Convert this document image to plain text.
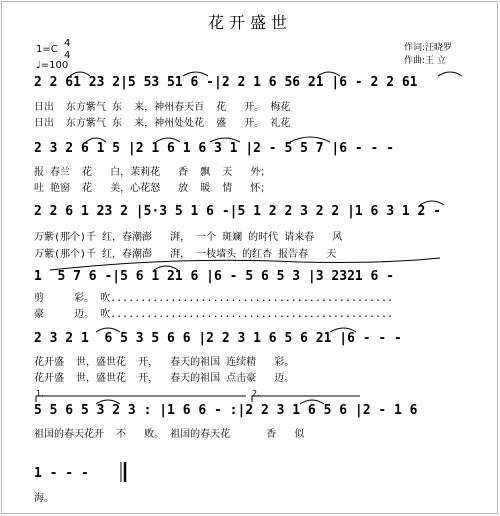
花开盛世
1=C
4
4
♩=100
作词:汪晓罗
作曲:王 立
2 2 61 23 2|5 53 51 6 -|2 2 1 6 56 21 |6 - 2 2 61
日出  东方紫气 东  来，神州春天百  花   开。 梅花
日出  东方紫气 东  来，神州处处花  盛   开。 礼花
2 3 2 6 1 5 |2 1 6 1 6 3 1 |2 - 5 5 7 |6 - - -
报 春兰  花   白，茉莉花   香  飘  天   外；
吐 艳窗  花   美，心花怒   放  暖  情   怀；
2 2 6 1 23 2 |5·3 5 1 6 -|5 1 2 2 3 2 2 |1 6 3 1 2 -
万紫(那个)千 红，春潮澎   湃， 一个 斑斓 的时代 请来春   风
万紫(那个)千 红，春潮澎   湃， 一枝墙头 的红杏 报告春   天
1  5 7 6 -|5 6 1 21 6 |6 - 5 6 5 3 |3 2321 6 -
剪     彩。 吹...............................................
豪     迈。 吹...............................................
2 3 2 1  6 5 3 5 6 6 |2 2 3 1 6 5 6 21 |6 - - -
花开盛  世，盛世花  开，  春天的祖国 连续精   彩。
花开盛  世，盛世花  开，  春天的祖国 点击豪   迈。
1.	2.
5 5 6 5 3 2 3 : |1 6 6 - :|2 2 3 1 6 5 6 |2 - 1 6
祖国的春天花开  不   败。 祖国的春天花      香   似
1 - - -
海。
